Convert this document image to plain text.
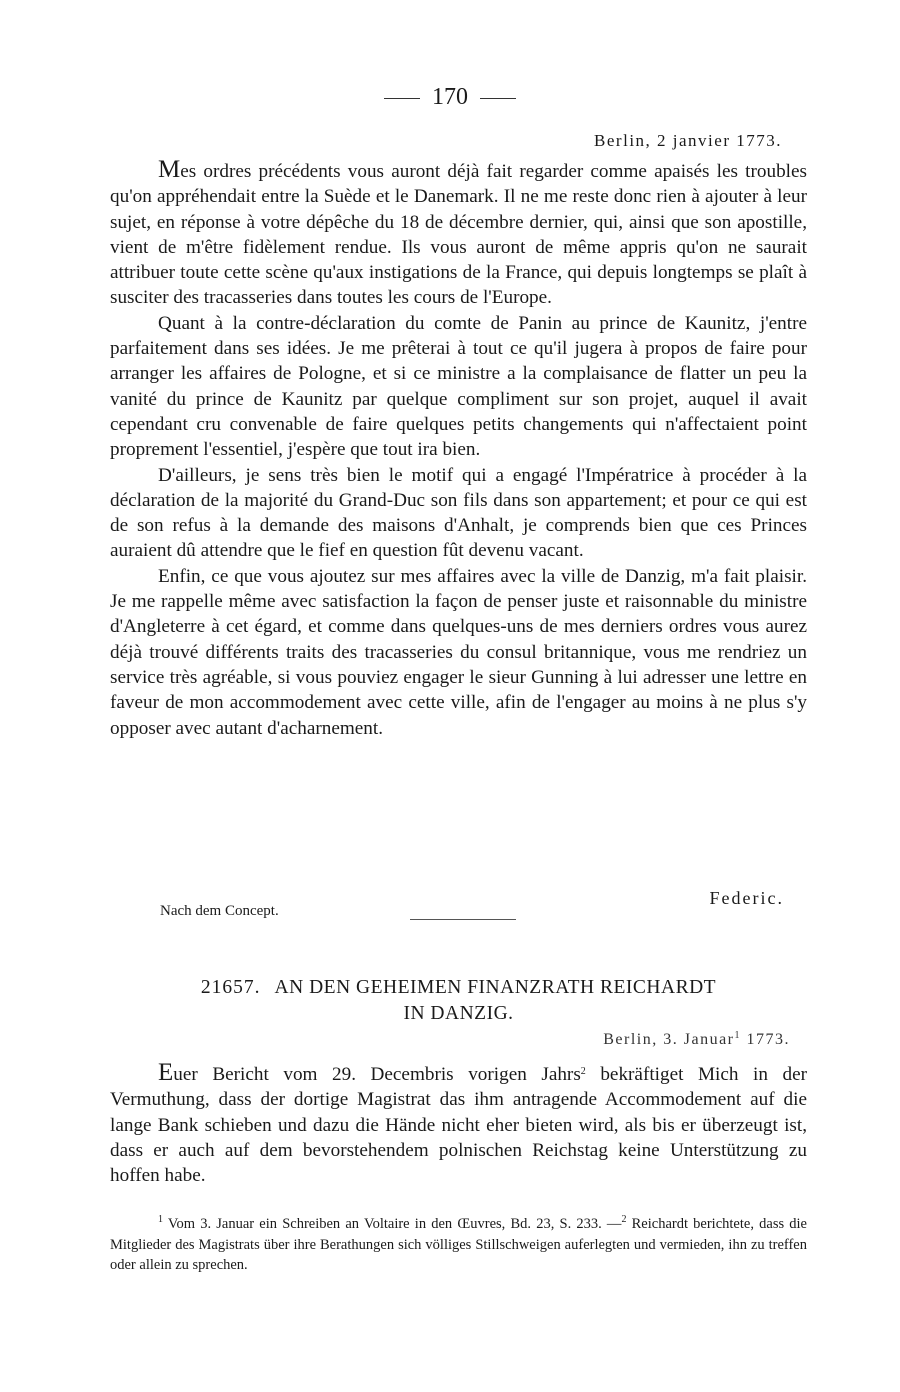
170
Berlin, 2 janvier 1773.

Mes ordres précédents vous auront déjà fait regarder comme apaisés les troubles qu'on appréhendait entre la Suède et le Danemark. Il ne me reste donc rien à ajouter à leur sujet, en réponse à votre dépêche du 18 de décembre dernier, qui, ainsi que son apostille, vient de m'être fidèlement rendue. Ils vous auront de même appris qu'on ne saurait attribuer toute cette scène qu'aux instigations de la France, qui depuis longtemps se plaît à susciter des tracasseries dans toutes les cours de l'Europe.

Quant à la contre-déclaration du comte de Panin au prince de Kaunitz, j'entre parfaitement dans ses idées. Je me prêterai à tout ce qu'il jugera à propos de faire pour arranger les affaires de Pologne, et si ce ministre a la complaisance de flatter un peu la vanité du prince de Kaunitz par quelque compliment sur son projet, auquel il avait cependant cru convenable de faire quelques petits changements qui n'affectaient point proprement l'essentiel, j'espère que tout ira bien.

D'ailleurs, je sens très bien le motif qui a engagé l'Impératrice à procéder à la déclaration de la majorité du Grand-Duc son fils dans son appartement; et pour ce qui est de son refus à la demande des maisons d'Anhalt, je comprends bien que ces Princes auraient dû attendre que le fief en question fût devenu vacant.

Enfin, ce que vous ajoutez sur mes affaires avec la ville de Danzig, m'a fait plaisir. Je me rappelle même avec satisfaction la façon de penser juste et raisonnable du ministre d'Angleterre à cet égard, et comme dans quelques-uns de mes derniers ordres vous aurez déjà trouvé différents traits des tracasseries du consul britannique, vous me rendriez un service très agréable, si vous pouviez engager le sieur Gunning à lui adresser une lettre en faveur de mon accommodement avec cette ville, afin de l'engager au moins à ne plus s'y opposer avec autant d'acharnement.

Federic.
Nach dem Concept.
21657. AN DEN GEHEIMEN FINANZRATH REICHARDT
IN DANZIG.
Berlin, 3. Januar$^1$ 1773.

Euer Bericht vom 29. Decembris vorigen Jahrs$^2$ bekräftiget Mich in der Vermuthung, dass der dortige Magistrat das ihm antragende Accommodement auf die lange Bank schieben und dazu die Hände nicht eher bieten wird, als bis er überzeugt ist, dass er auch auf dem bevorstehendem polnischen Reichstag keine Unterstützung zu hoffen habe.

$^1$ Vom 3. Januar ein Schreiben an Voltaire in den Œuvres, Bd. 23, S. 233. —$^2$ Reichardt berichtete, dass die Mitglieder des Magistrats über ihre Berathungen sich völliges Stillschweigen auferlegten und vermieden, ihn zu treffen oder allein zu sprechen.
